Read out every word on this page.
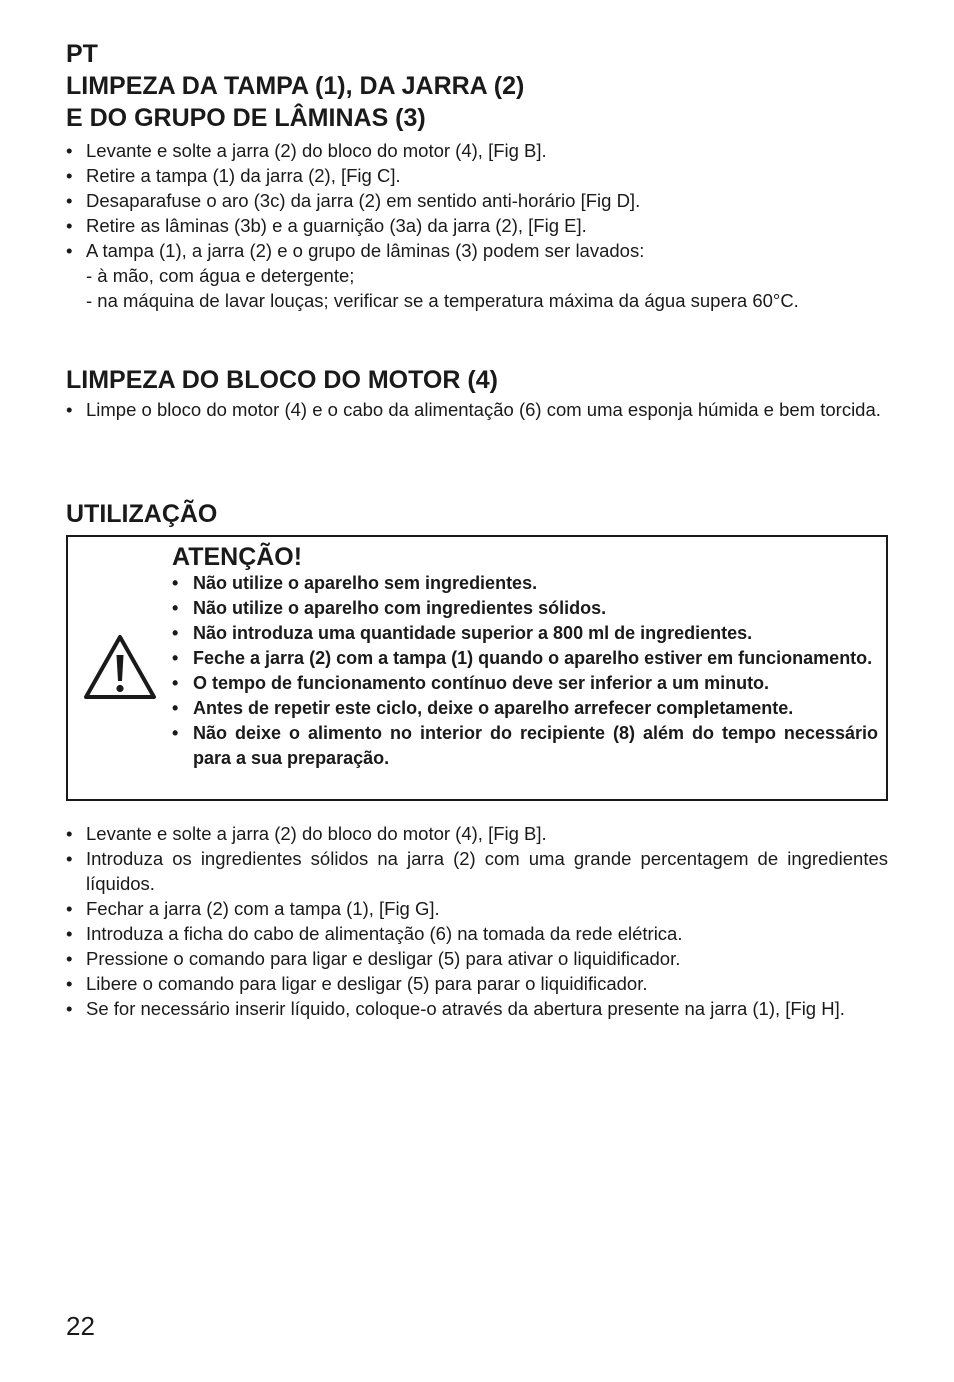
PT
LIMPEZA DA TAMPA (1), DA JARRA (2)
E DO GRUPO DE LÂMINAS (3)
• Levante e solte a jarra (2) do bloco do motor (4), [Fig B].
• Retire a tampa (1) da jarra (2), [Fig C].
• Desaparafuse o aro (3c) da jarra (2) em sentido anti-horário [Fig D].
• Retire as lâminas (3b) e a guarnição (3a) da jarra (2), [Fig E].
• A tampa (1), a jarra (2) e o grupo de lâminas (3) podem ser lavados:
- à mão, com água e detergente;
- na máquina de lavar louças; verificar se a temperatura máxima da água supera 60°C.
LIMPEZA DO BLOCO DO MOTOR (4)
• Limpe o bloco do motor (4) e o cabo da alimentação (6) com uma esponja húmida e bem torcida.
UTILIZAÇÃO
ATENÇÃO!
• Não utilize o aparelho sem ingredientes.
• Não utilize o aparelho com ingredientes sólidos.
• Não introduza uma quantidade superior a 800 ml de ingredientes.
• Feche a jarra (2) com a tampa (1) quando o aparelho estiver em funcionamento.
• O tempo de funcionamento contínuo deve ser inferior a um minuto.
• Antes de repetir este ciclo, deixe o aparelho arrefecer completamente.
• Não deixe o alimento no interior do recipiente (8) além do tempo necessário para a sua preparação.
• Levante e solte a jarra (2) do bloco do motor (4), [Fig B].
• Introduza os ingredientes sólidos na jarra (2) com uma grande percentagem de ingredientes líquidos.
• Fechar a jarra (2) com a tampa (1), [Fig G].
• Introduza a ficha do cabo de alimentação (6) na tomada da rede elétrica.
• Pressione o comando para ligar e desligar (5) para ativar o liquidificador.
• Libere o comando para ligar e desligar (5) para parar o liquidificador.
• Se for necessário inserir líquido, coloque-o através da abertura presente na jarra (1), [Fig H].
22
